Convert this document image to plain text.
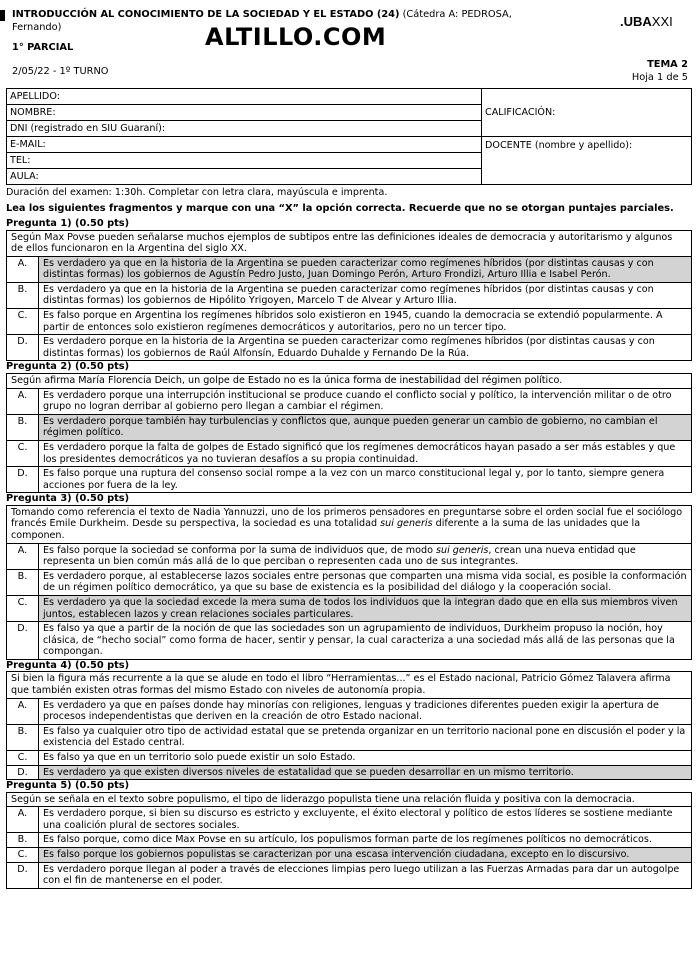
INTRODUCCIÓN AL CONOCIMIENTO DE LA SOCIEDAD Y EL ESTADO (24) (Cátedra A: PEDROSA, Fernando)
1° PARCIAL
2/05/22 - 1º TURNO
ALTILLO.COM
.UBAXXI
TEMA 2
Hoja 1 de 5
APELLIDO:	CALIFICACIÓN:
NOMBRE:	
DNI (registrado en SIU Guaraní):	
E-MAIL:	DOCENTE (nombre y apellido):
TEL:	
AULA:	
Duración del examen: 1:30h. Completar con letra clara, mayúscula e imprenta.
Lea los siguientes fragmentos y marque con una “X” la opción correcta. Recuerde que no se otorgan puntajes parciales.
Pregunta 1) (0.50 pts)
Según Max Povse pueden señalarse muchos ejemplos de subtipos entre las definiciones ideales de democracia y autoritarismo y algunos de ellos funcionaron en la Argentina del siglo XX.
A.	Es verdadero ya que en la historia de la Argentina se pueden caracterizar como regímenes híbridos (por distintas causas y con distintas formas) los gobiernos de Agustín Pedro Justo, Juan Domingo Perón, Arturo Frondizi, Arturo Illia e Isabel Perón.
B.	Es verdadero ya que en la historia de la Argentina se pueden caracterizar como regímenes híbridos (por distintas causas y con distintas formas) los gobiernos de Hipólito Yrigoyen, Marcelo T de Alvear y Arturo Illia.
C.	Es falso porque en Argentina los regímenes híbridos solo existieron en 1945, cuando la democracia se extendió popularmente. A partir de entonces solo existieron regímenes democráticos y autoritarios, pero no un tercer tipo.
D.	Es verdadero porque en la historia de la Argentina se pueden caracterizar como regímenes híbridos (por distintas causas y con distintas formas) los gobiernos de Raúl Alfonsín, Eduardo Duhalde y Fernando De la Rúa.
Pregunta 2) (0.50 pts)
Según afirma María Florencia Deich, un golpe de Estado no es la única forma de inestabilidad del régimen político.
A.	Es verdadero porque una interrupción institucional se produce cuando el conflicto social y político, la intervención militar o de otro grupo no logran derribar al gobierno pero llegan a cambiar el régimen.
B.	Es verdadero porque también hay turbulencias y conflictos que, aunque pueden generar un cambio de gobierno, no cambian el régimen político.
C.	Es verdadero porque la falta de golpes de Estado significó que los regímenes democráticos hayan pasado a ser más estables y que los presidentes democráticos ya no tuvieran desafíos a su propia continuidad.
D.	Es falso porque una ruptura del consenso social rompe a la vez con un marco constitucional legal y, por lo tanto, siempre genera acciones por fuera de la ley.
Pregunta 3) (0.50 pts)
Tomando como referencia el texto de Nadia Yannuzzi, uno de los primeros pensadores en preguntarse sobre el orden social fue el sociólogo francés Emile Durkheim. Desde su perspectiva, la sociedad es una totalidad sui generis diferente a la suma de las unidades que la componen.
A.	Es falso porque la sociedad se conforma por la suma de individuos que, de modo sui generis, crean una nueva entidad que representa un bien común más allá de lo que perciban o representen cada uno de sus integrantes.
B.	Es verdadero porque, al establecerse lazos sociales entre personas que comparten una misma vida social, es posible la conformación de un régimen político democrático, ya que su base de existencia es la posibilidad del diálogo y la cooperación social.
C.	Es verdadero ya que la sociedad excede la mera suma de todos los individuos que la integran dado que en ella sus miembros viven juntos, establecen lazos y crean relaciones sociales particulares.
D.	Es falso ya que a partir de la noción de que las sociedades son un agrupamiento de individuos, Durkheim propuso la noción, hoy clásica, de “hecho social” como forma de hacer, sentir y pensar, la cual caracteriza a una sociedad más allá de las personas que la compongan.
Pregunta 4) (0.50 pts)
Si bien la figura más recurrente a la que se alude en todo el libro “Herramientas...” es el Estado nacional, Patricio Gómez Talavera afirma que también existen otras formas del mismo Estado con niveles de autonomía propia.
A.	Es verdadero ya que en países donde hay minorías con religiones, lenguas y tradiciones diferentes pueden exigir la apertura de procesos independentistas que deriven en la creación de otro Estado nacional.
B.	Es falso ya cualquier otro tipo de actividad estatal que se pretenda organizar en un territorio nacional pone en discusión el poder y la existencia del Estado central.
C.	Es falso ya que en un territorio solo puede existir un solo Estado.
D.	Es verdadero ya que existen diversos niveles de estatalidad que se pueden desarrollar en un mismo territorio.
Pregunta 5) (0.50 pts)
Según se señala en el texto sobre populismo, el tipo de liderazgo populista tiene una relación fluida y positiva con la democracia.
A.	Es verdadero porque, si bien su discurso es estricto y excluyente, el éxito electoral y político de estos líderes se sostiene mediante una coalición plural de sectores sociales.
B.	Es falso porque, como dice Max Povse en su artículo, los populismos forman parte de los regímenes políticos no democráticos.
C.	Es falso porque los gobiernos populistas se caracterizan por una escasa intervención ciudadana, excepto en lo discursivo.
D.	Es verdadero porque llegan al poder a través de elecciones limpias pero luego utilizan a las Fuerzas Armadas para dar un autogolpe con el fin de mantenerse en el poder.
